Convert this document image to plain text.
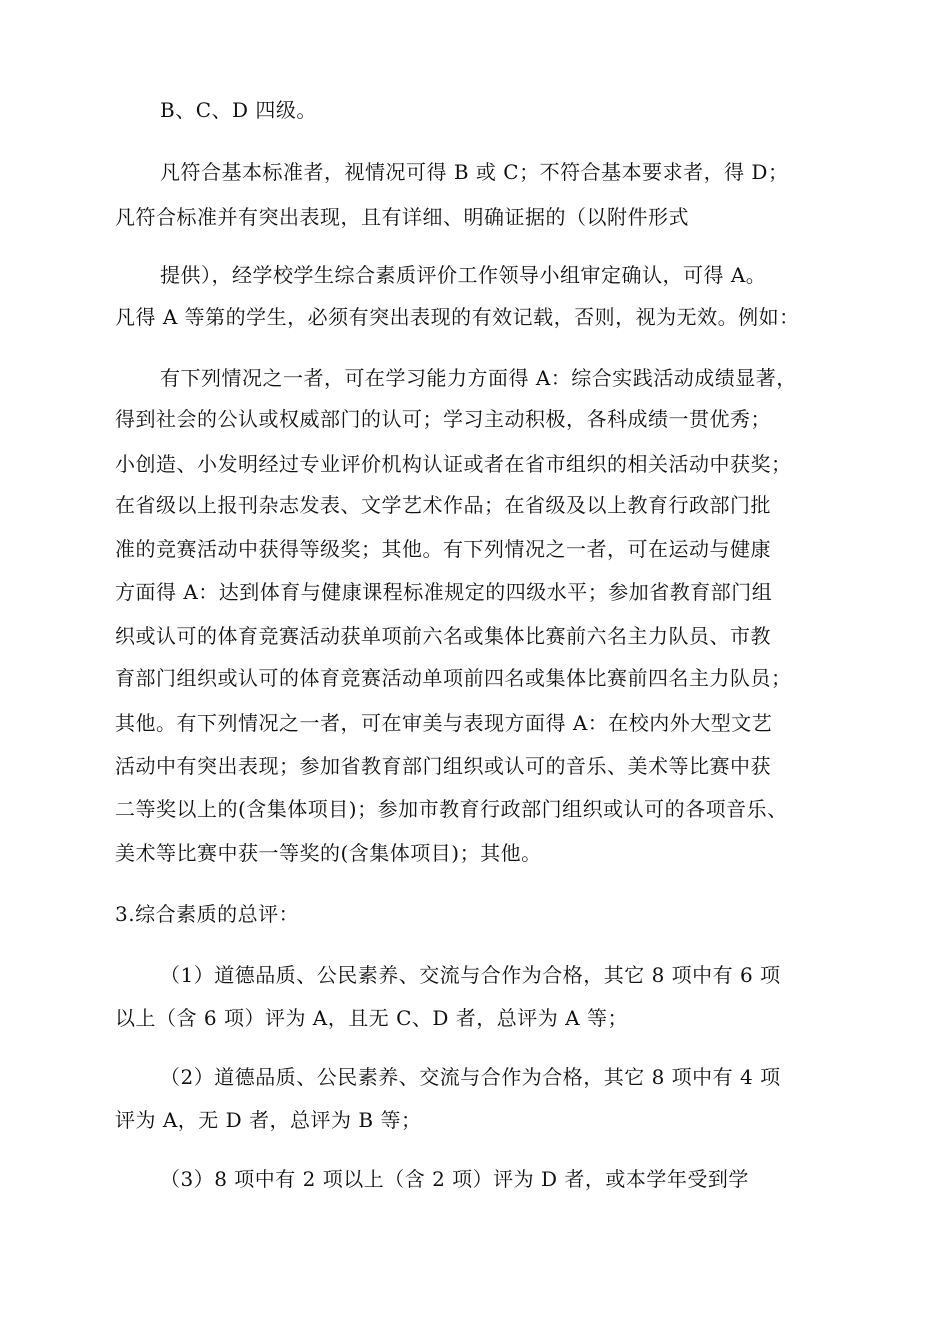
B、C、D 四级。
凡符合基本标准者，视情况可得 B 或 C；不符合基本要求者，得 D；
凡符合标准并有突出表现，且有详细、明确证据的（以附件形式
提供），经学校学生综合素质评价工作领导小组审定确认，可得 A。
凡得 A 等第的学生，必须有突出表现的有效记载，否则，视为无效。例如：
有下列情况之一者，可在学习能力方面得 A：综合实践活动成绩显著，
得到社会的公认或权威部门的认可；学习主动积极，各科成绩一贯优秀；
小创造、小发明经过专业评价机构认证或者在省市组织的相关活动中获奖；
在省级以上报刊杂志发表、文学艺术作品；在省级及以上教育行政部门批
准的竞赛活动中获得等级奖；其他。有下列情况之一者，可在运动与健康
方面得 A：达到体育与健康课程标准规定的四级水平；参加省教育部门组
织或认可的体育竞赛活动获单项前六名或集体比赛前六名主力队员、市教
育部门组织或认可的体育竞赛活动单项前四名或集体比赛前四名主力队员；
其他。有下列情况之一者，可在审美与表现方面得 A：在校内外大型文艺
活动中有突出表现；参加省教育部门组织或认可的音乐、美术等比赛中获
二等奖以上的(含集体项目)；参加市教育行政部门组织或认可的各项音乐、
美术等比赛中获一等奖的(含集体项目)；其他。
3.综合素质的总评：
（1）道德品质、公民素养、交流与合作为合格，其它 8 项中有 6 项
以上（含 6 项）评为 A，且无 C、D 者，总评为 A 等；
（2）道德品质、公民素养、交流与合作为合格，其它 8 项中有 4 项
评为 A，无 D 者，总评为 B 等；
（3）8 项中有 2 项以上（含 2 项）评为 D 者，或本学年受到学
